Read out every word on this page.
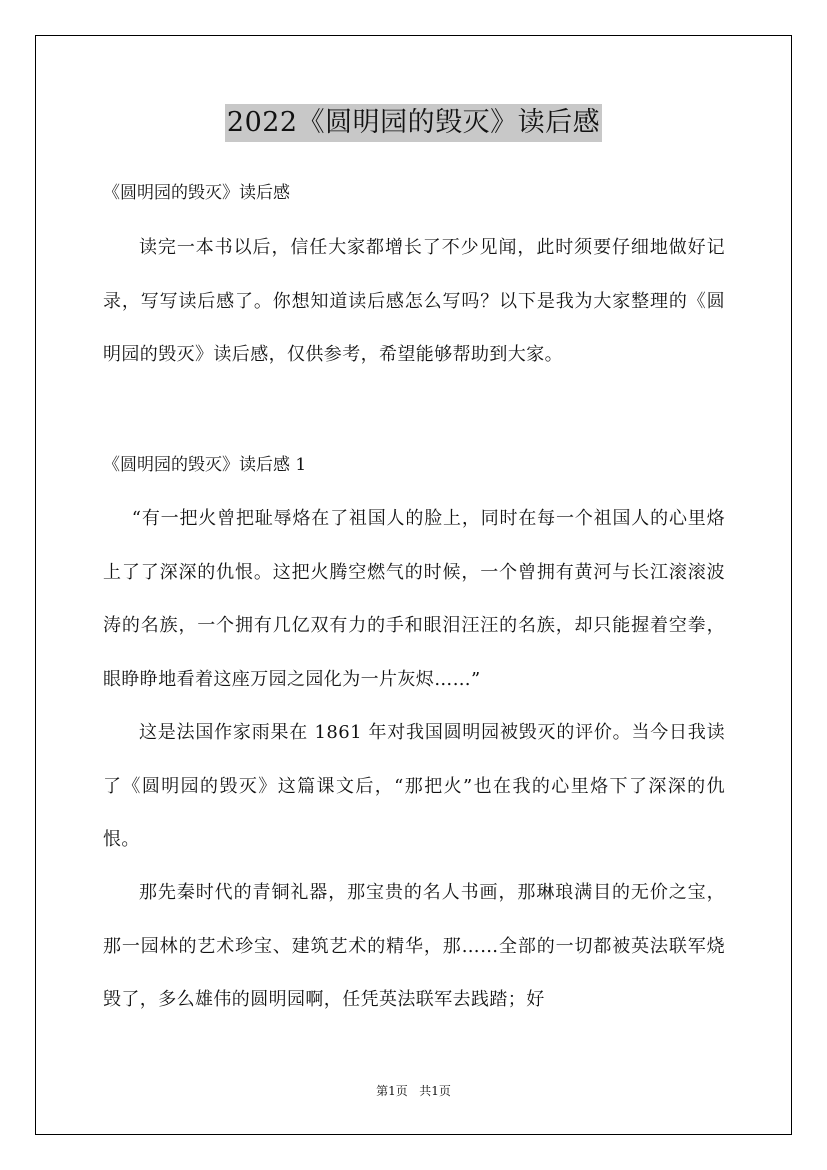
2022《圆明园的毁灭》读后感
《圆明园的毁灭》读后感

读完一本书以后，信任大家都增长了不少见闻，此时须要仔细地做好记录，写写读后感了。你想知道读后感怎么写吗？以下是我为大家整理的《圆明园的毁灭》读后感，仅供参考，希望能够帮助到大家。

《圆明园的毁灭》读后感 1

“有一把火曾把耻辱烙在了祖国人的脸上，同时在每一个祖国人的心里烙上了了深深的仇恨。这把火腾空燃气的时候，一个曾拥有黄河与长江滚滚波涛的名族，一个拥有几亿双有力的手和眼泪汪汪的名族，却只能握着空拳，眼睁睁地看着这座万园之园化为一片灰烬……”

这是法国作家雨果在 1861 年对我国圆明园被毁灭的评价。当今日我读了《圆明园的毁灭》这篇课文后，“那把火”也在我的心里烙下了深深的仇恨。

那先秦时代的青铜礼器，那宝贵的名人书画，那琳琅满目的无价之宝，那一园林的艺术珍宝、建筑艺术的精华，那……全部的一切都被英法联军烧毁了，多么雄伟的圆明园啊，任凭英法联军去践踏；好

第1页 共1页
